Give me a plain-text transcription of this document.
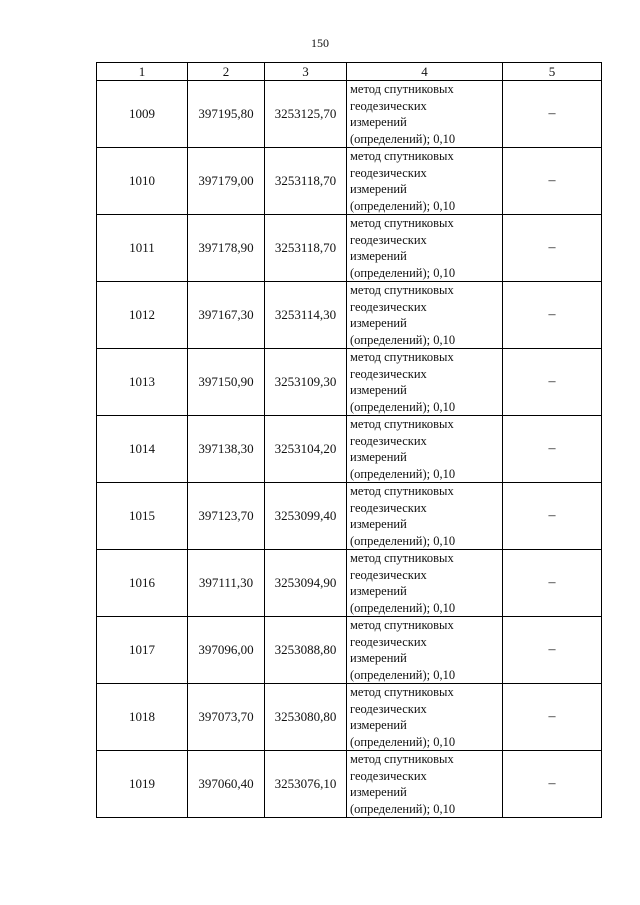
150
1	2	3	4	5
1009	397195,80	3253125,70	метод спутниковых
геодезических
измерений
(определений); 0,10	–
1010	397179,00	3253118,70	метод спутниковых
геодезических
измерений
(определений); 0,10	–
1011	397178,90	3253118,70	метод спутниковых
геодезических
измерений
(определений); 0,10	–
1012	397167,30	3253114,30	метод спутниковых
геодезических
измерений
(определений); 0,10	–
1013	397150,90	3253109,30	метод спутниковых
геодезических
измерений
(определений); 0,10	–
1014	397138,30	3253104,20	метод спутниковых
геодезических
измерений
(определений); 0,10	–
1015	397123,70	3253099,40	метод спутниковых
геодезических
измерений
(определений); 0,10	–
1016	397111,30	3253094,90	метод спутниковых
геодезических
измерений
(определений); 0,10	–
1017	397096,00	3253088,80	метод спутниковых
геодезических
измерений
(определений); 0,10	–
1018	397073,70	3253080,80	метод спутниковых
геодезических
измерений
(определений); 0,10	–
1019	397060,40	3253076,10	метод спутниковых
геодезических
измерений
(определений); 0,10	–
